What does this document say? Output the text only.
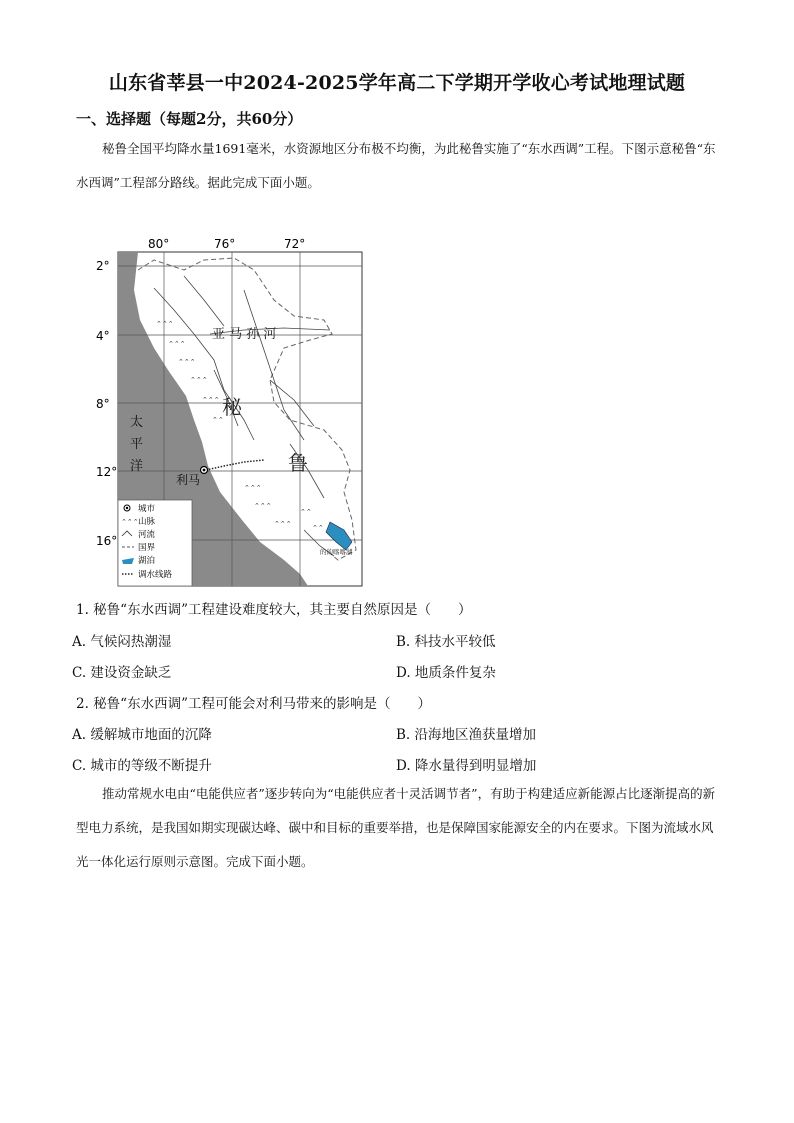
山东省莘县一中2024-2025学年高二下学期开学收心考试地理试题
一、选择题（每题2分，共60分）
秘鲁全国平均降水量1691毫米，水资源地区分布极不均衡，为此秘鲁实施了“东水西调”工程。下图示意秘鲁“东水西调”工程部分路线。据此完成下面小题。
80°	76°	72°
2°
4°
8°
12°
16°
⌃⌃⌃
⌃⌃⌃
⌃⌃⌃
⌃⌃⌃
⌃⌃⌃
⌃⌃
⌃⌃⌃
⌃⌃⌃
⌃⌃⌃
⌃⌃
⌃⌃
的的喀喀湖
利马
亚 马 孙 河
秘
鲁
太
平
洋
城市
⌃⌃⌃ 山脉
河流
国界
湖泊
调水线路
1. 秘鲁“东水西调”工程建设难度较大，其主要自然原因是（　　）
A. 气候闷热潮湿	B. 科技水平较低
C. 建设资金缺乏	D. 地质条件复杂
2. 秘鲁“东水西调”工程可能会对利马带来的影响是（　　）
A. 缓解城市地面的沉降	B. 沿海地区渔获量增加
C. 城市的等级不断提升	D. 降水量得到明显增加
推动常规水电由“电能供应者”逐步转向为“电能供应者十灵活调节者”，有助于构建适应新能源占比逐渐提高的新型电力系统，是我国如期实现碳达峰、碳中和目标的重要举措，也是保障国家能源安全的内在要求。下图为流域水风光一体化运行原则示意图。完成下面小题。
